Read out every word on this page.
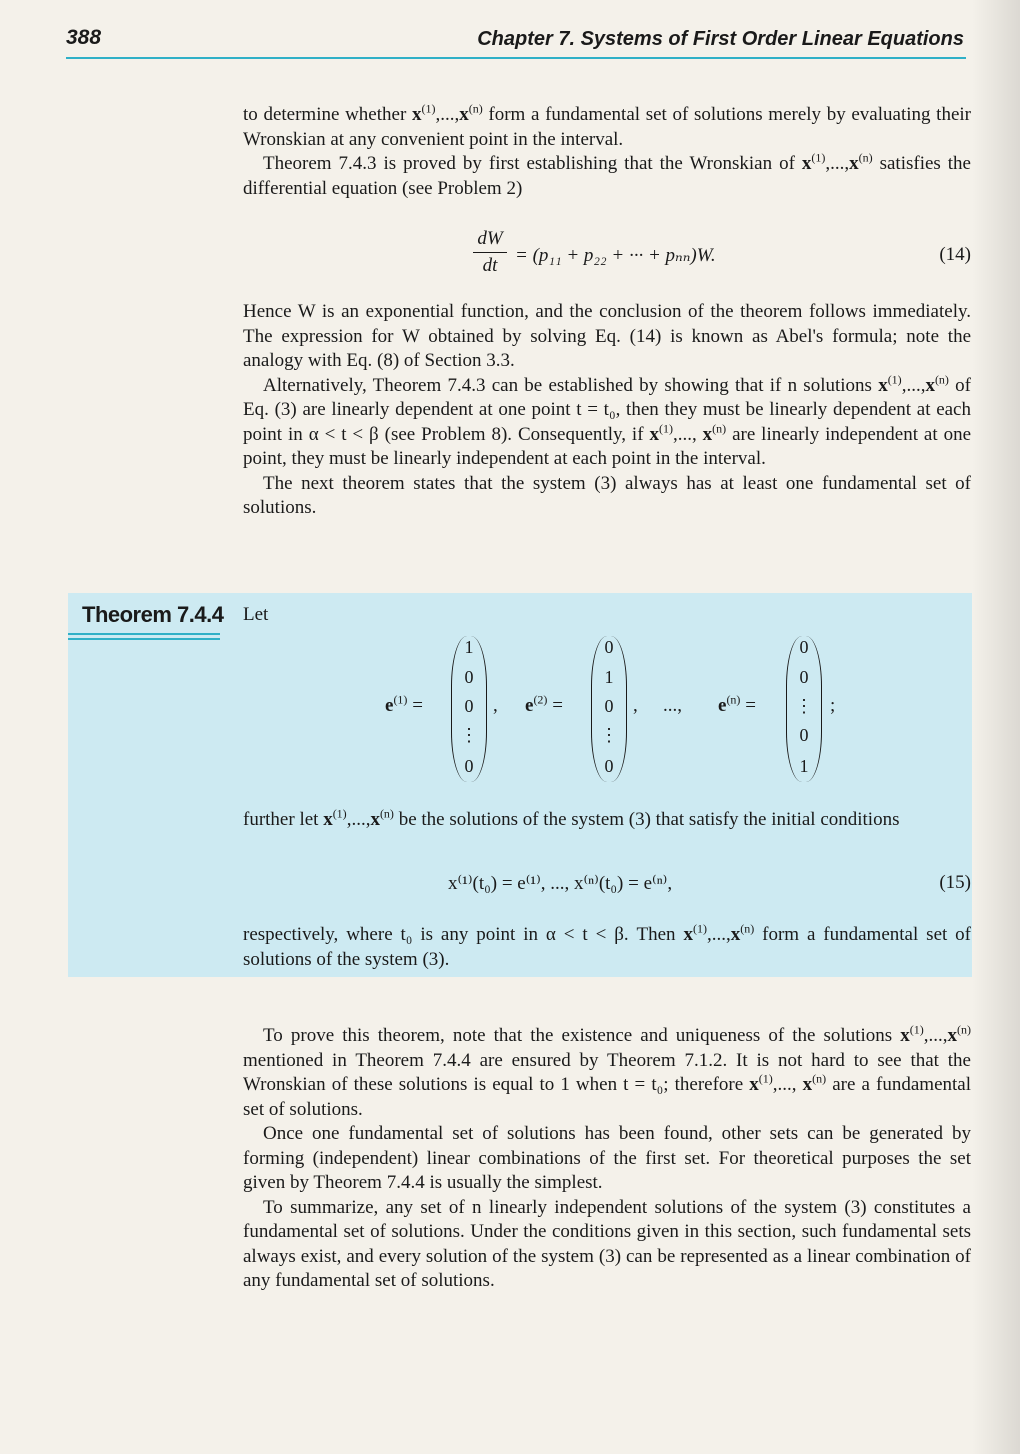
388	Chapter 7. Systems of First Order Linear Equations

to determine whether $x^{(1)},...,x^{(n)}$ form a fundamental set of solutions merely by evaluating their Wronskian at any convenient point in the interval.

Theorem 7.4.3 is proved by first establishing that the Wronskian of $x^{(1)},...,x^{(n)}$ satisfies the differential equation (see Problem 2)

$\frac{dW}{dt} = (p_{11} + p_{22}$ + ··· + pₙₙ)W.	(14)

Hence W is an exponential function, and the conclusion of the theorem follows immediately. The expression for W obtained by solving Eq. (14) is known as Abel's formula; note the analogy with Eq. (8) of Section 3.3.

Alternatively, Theorem 7.4.3 can be established by showing that if n solutions $x^{(1)},...,x^{(n)}$ of Eq. (3) are linearly dependent at one point t = t₀, then they must be linearly dependent at each point in α < t < β (see Problem 8). Consequently, if $x^{(1)}$,..., $x^{(n)}$ are linearly independent at one point, they must be linearly independent at each point in the interval.

The next theorem states that the system (3) always has at least one fundamental set of solutions.

Theorem 7.4.4 Let
$e^{(1)}$ =
1
0
0
⋮
0
, $e^{(2)}$ =
0
1
0
⋮
0
, ..., $e^{(n)}$ =
0
0
⋮
0
1
;

further let $x^{(1)},...,x^{(n)}$ be the solutions of the system (3) that satisfy the initial conditions

x⁽¹⁾(t₀) = e⁽¹⁾, ..., x⁽ⁿ⁾(t₀) = e⁽ⁿ⁾,	(15)

respectively, where t₀ is any point in α < t < β. Then $x^{(1)},...,x^{(n)}$ form a fundamental set of solutions of the system (3).

To prove this theorem, note that the existence and uniqueness of the solutions $x^{(1)},...,x^{(n)}$ mentioned in Theorem 7.4.4 are ensured by Theorem 7.1.2. It is not hard to see that the Wronskian of these solutions is equal to 1 when t = t₀; therefore $x^{(1)}$,..., $x^{(n)}$ are a fundamental set of solutions.

Once one fundamental set of solutions has been found, other sets can be generated by forming (independent) linear combinations of the first set. For theoretical purposes the set given by Theorem 7.4.4 is usually the simplest.

To summarize, any set of n linearly independent solutions of the system (3) constitutes a fundamental set of solutions. Under the conditions given in this section, such fundamental sets always exist, and every solution of the system (3) can be represented as a linear combination of any fundamental set of solutions.
